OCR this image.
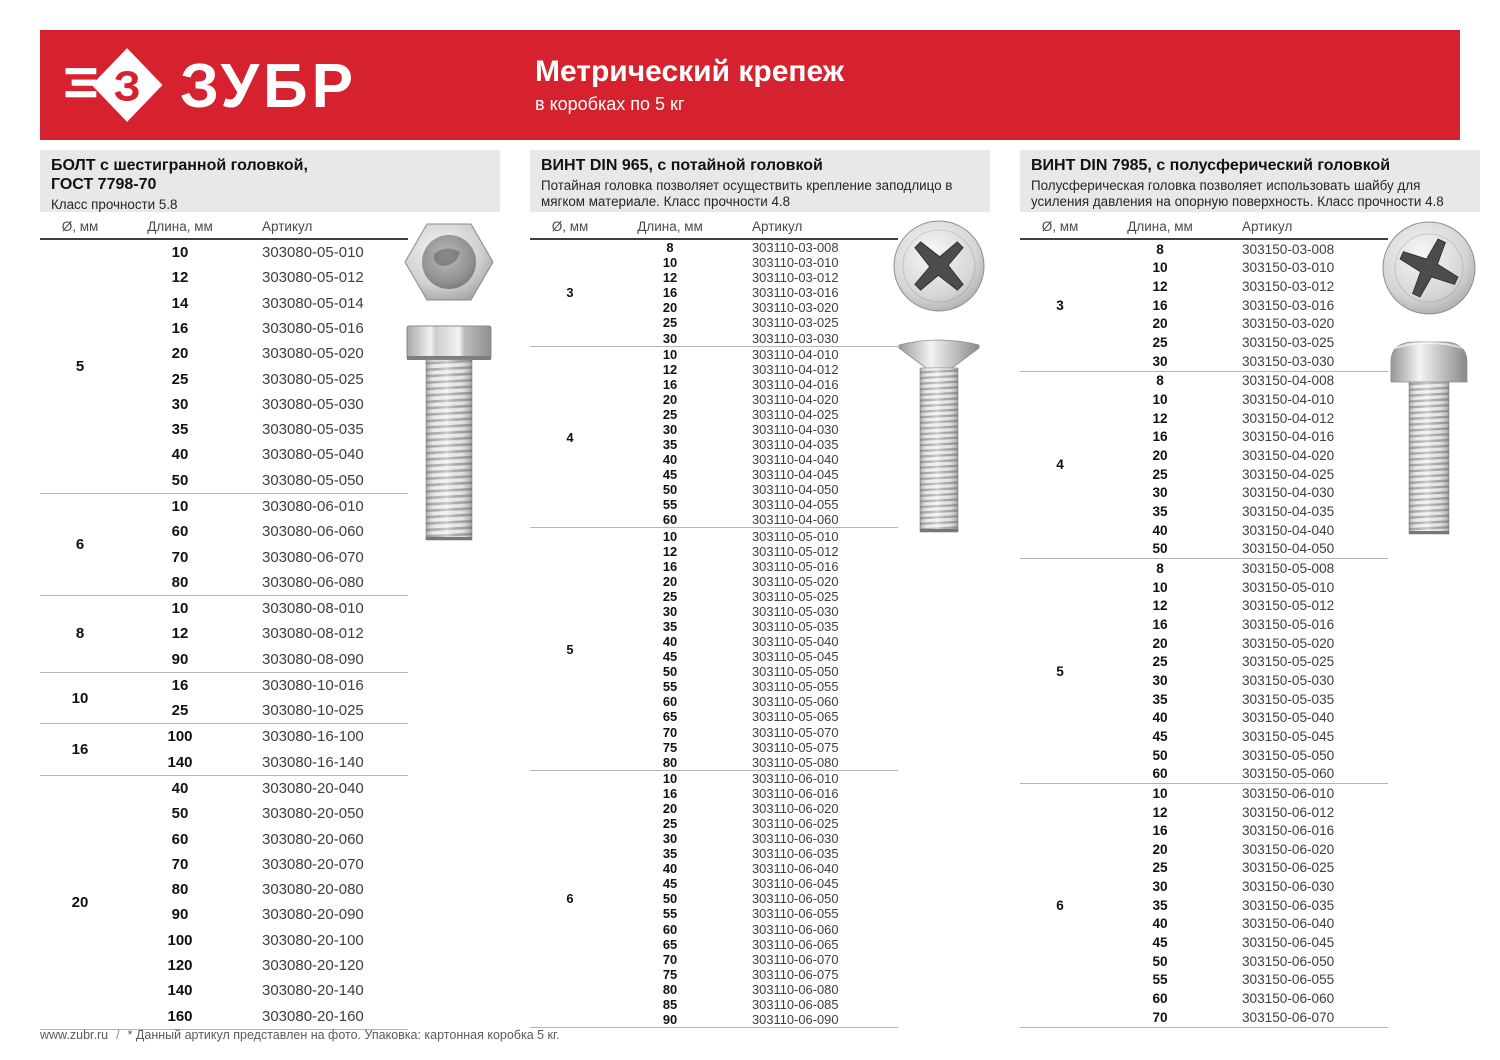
З ЗУБР	Метрический крепеж
в коробках по 5 кг
БОЛТ с шестигранной головкой,
ГОСТ 7798-70
Класс прочности 5.8
Ø, мм	Длина, мм	Артикул
5
10	303080-05-010
12	303080-05-012
14	303080-05-014
16	303080-05-016
20	303080-05-020
25	303080-05-025
30	303080-05-030
35	303080-05-035
40	303080-05-040
50	303080-05-050
6
10	303080-06-010
60	303080-06-060
70	303080-06-070
80	303080-06-080
8
10	303080-08-010
12	303080-08-012
90	303080-08-090
10
16	303080-10-016
25	303080-10-025
16
100	303080-16-100
140	303080-16-140
20
40	303080-20-040
50	303080-20-050
60	303080-20-060
70	303080-20-070
80	303080-20-080
90	303080-20-090
100	303080-20-100
120	303080-20-120
140	303080-20-140
160	303080-20-160
ВИНТ DIN 965, с потайной головкой
Потайная головка позволяет осуществить крепление заподлицо в мягком материале. Класс прочности 4.8
Ø, мм	Длина, мм	Артикул
3
8	303110-03-008
10	303110-03-010
12	303110-03-012
16	303110-03-016
20	303110-03-020
25	303110-03-025
30	303110-03-030
4
10	303110-04-010
12	303110-04-012
16	303110-04-016
20	303110-04-020
25	303110-04-025
30	303110-04-030
35	303110-04-035
40	303110-04-040
45	303110-04-045
50	303110-04-050
55	303110-04-055
60	303110-04-060
5
10	303110-05-010
12	303110-05-012
16	303110-05-016
20	303110-05-020
25	303110-05-025
30	303110-05-030
35	303110-05-035
40	303110-05-040
45	303110-05-045
50	303110-05-050
55	303110-05-055
60	303110-05-060
65	303110-05-065
70	303110-05-070
75	303110-05-075
80	303110-05-080
6
10	303110-06-010
16	303110-06-016
20	303110-06-020
25	303110-06-025
30	303110-06-030
35	303110-06-035
40	303110-06-040
45	303110-06-045
50	303110-06-050
55	303110-06-055
60	303110-06-060
65	303110-06-065
70	303110-06-070
75	303110-06-075
80	303110-06-080
85	303110-06-085
90	303110-06-090
ВИНТ DIN 7985, с полусферический головкой
Полусферическая головка позволяет использовать шайбу для усиления давления на опорную поверхность. Класс прочности 4.8
Ø, мм	Длина, мм	Артикул
3
8	303150-03-008
10	303150-03-010
12	303150-03-012
16	303150-03-016
20	303150-03-020
25	303150-03-025
30	303150-03-030
4
8	303150-04-008
10	303150-04-010
12	303150-04-012
16	303150-04-016
20	303150-04-020
25	303150-04-025
30	303150-04-030
35	303150-04-035
40	303150-04-040
50	303150-04-050
5
8	303150-05-008
10	303150-05-010
12	303150-05-012
16	303150-05-016
20	303150-05-020
25	303150-05-025
30	303150-05-030
35	303150-05-035
40	303150-05-040
45	303150-05-045
50	303150-05-050
60	303150-05-060
6
10	303150-06-010
12	303150-06-012
16	303150-06-016
20	303150-06-020
25	303150-06-025
30	303150-06-030
35	303150-06-035
40	303150-06-040
45	303150-06-045
50	303150-06-050
55	303150-06-055
60	303150-06-060
70	303150-06-070
www.zubr.ru / * Данный артикул представлен на фото. Упаковка: картонная коробка 5 кг.
